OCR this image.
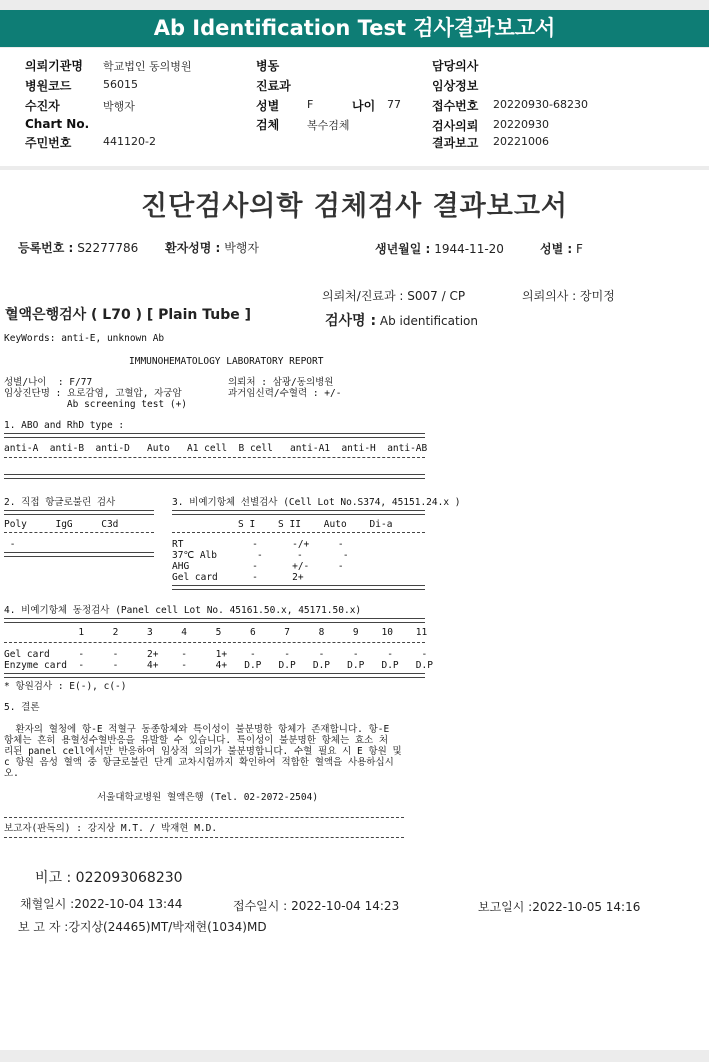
Ab Identification Test 검사결과보고서
의뢰기관명 학교법인 동의병원
병원코드	56015
수진자	박행자
Chart No.
주민번호	441120-2
병동
진료과
성별	F	나이 77
검체	복수검체
담당의사
임상정보
접수번호 20220930-68230
검사의뢰 20220930
결과보고 20221006
진단검사의학 검체검사 결과보고서
등록번호 : S2277786 환자성명 : 박행자	생년월일 : 1944-11-20	성별 : F
의뢰처/진료과 : S007 / CP	의뢰의사 : 장미정
혈액은행검사 ( L70 ) [ Plain Tube ]	검사명 : Ab identification
KeyWords: anti-E, unknown Ab
IMMUNOHEMATOLOGY LABORATORY REPORT
성별/나이  : F/77	의뢰처 : 삼광/동의병원
임상진단명 : 요로감염, 고혈압, 자궁암	과거임신력/수혈력 : +/-
Ab screening test (+)
1. ABO and RhD type :
anti-A  anti-B  anti-D   Auto   A1 cell  B cell   anti-A1  anti-H  anti-AB
2. 직접 항글로불린 검사
Poly     IgG     C3d
-
3. 비예기항체 선별검사 (Cell Lot No.S374, 45151.24.x )
S I    S II    Auto    Di-a
RT            -      -/+     -
37℃ Alb       -      -       -
AHG           -      +/-     -
Gel card      -      2+
4. 비예기항체 동정검사 (Panel cell Lot No. 45161.50.x, 45171.50.x)
1     2     3     4     5     6     7     8     9    10    11
Gel card     -     -     2+    -     1+    -     -     -     -     -     -
Enzyme card  -     -     4+    -     4+   D.P   D.P   D.P   D.P   D.P   D.P
* 항원검사 : E(-), c(-)
5. 결론
환자의 혈청에 항-E 적혈구 동종항체와 특이성이 불분명한 항체가 존재합니다. 항-E
항체는 흔히 용혈성수혈반응을 유발할 수 있습니다. 특이성이 불분명한 항체는 효소 처
리된 panel cell에서만 반응하여 임상적 의의가 불분명합니다. 수혈 필요 시 E 항원 및
c 항원 음성 혈액 중 항글로불린 단계 교차시험까지 확인하여 적합한 혈액을 사용하십시
오.
서울대학교병원 혈액은행 (Tel. 02-2072-2504)
보고자(판독의) : 강지상 M.T. / 박재현 M.D.
비고 : 022093068230
채혈일시 :2022-10-04 13:44	접수일시 : 2022-10-04 14:23	보고일시 :2022-10-05 14:16
보 고 자 :강지상(24465)MT/박재현(1034)MD
